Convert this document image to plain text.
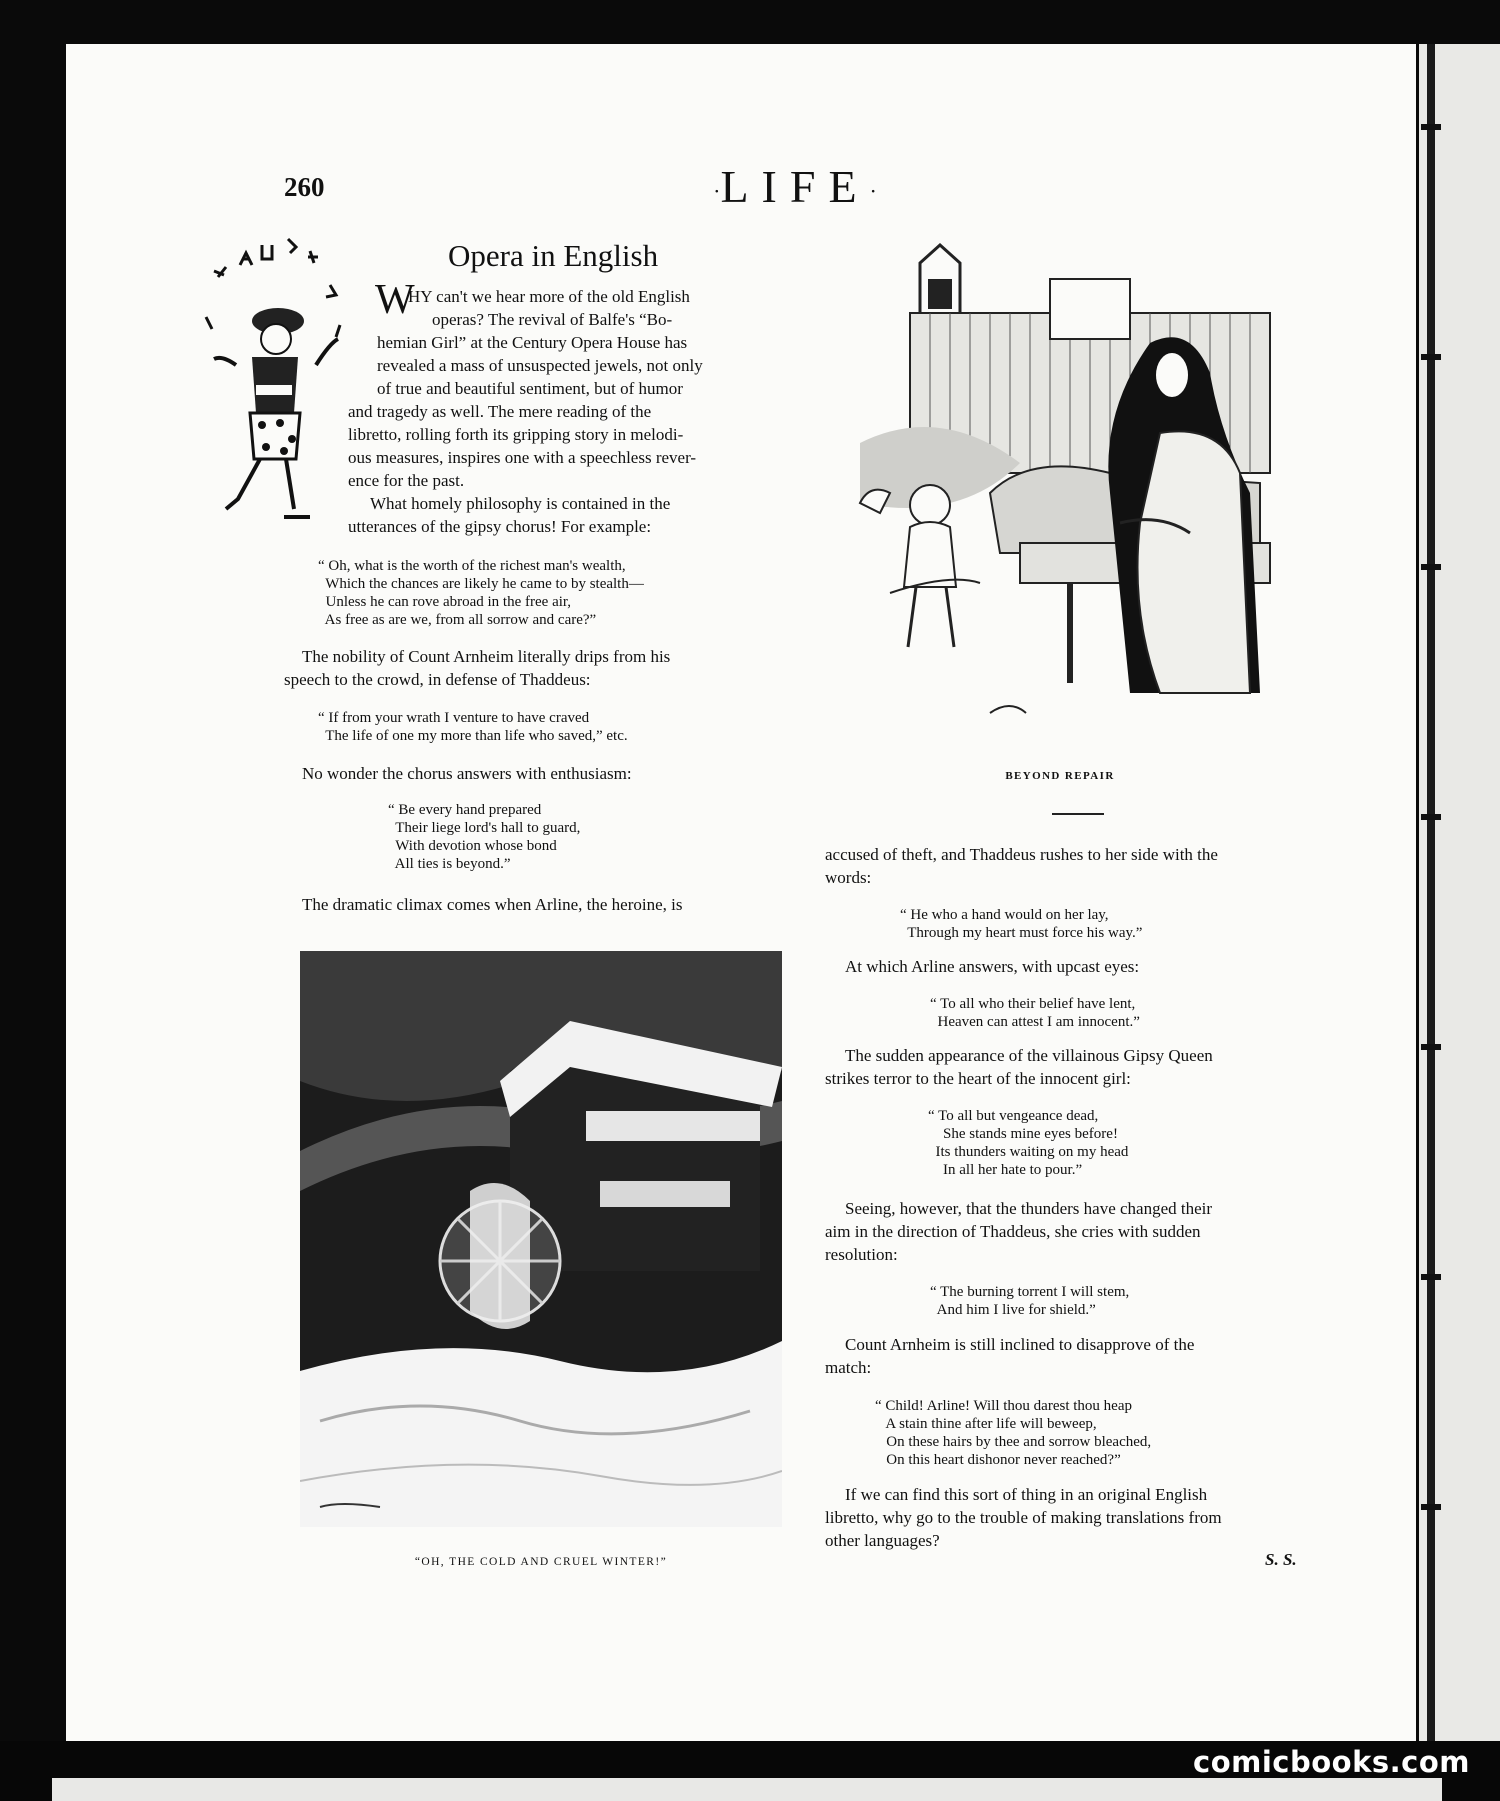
comicbooks.com
260	·LIFE·
Opera in English
W
HY can't we hear more of the old English
operas? The revival of Balfe's “Bo-
hemian Girl” at the Century Opera House has
revealed a mass of unsuspected jewels, not only
of true and beautiful sentiment, but of humor
and tragedy as well. The mere reading of the
libretto, rolling forth its gripping story in melodi-
ous measures, inspires one with a speechless rever-
ence for the past.
What homely philosophy is contained in the
utterances of the gipsy chorus! For example:
“ Oh, what is the worth of the richest man's wealth,
Which the chances are likely he came to by stealth—
Unless he can rove abroad in the free air,
As free as are we, from all sorrow and care?”
The nobility of Count Arnheim literally drips from his
speech to the crowd, in defense of Thaddeus:
“ If from your wrath I venture to have craved
The life of one my more than life who saved,” etc.
No wonder the chorus answers with enthusiasm:
“ Be every hand prepared
Their liege lord's hall to guard,
With devotion whose bond
All ties is beyond.”
The dramatic climax comes when Arline, the heroine, is
“OH, THE COLD AND CRUEL WINTER!”
BEYOND REPAIR
accused of theft, and Thaddeus rushes to her side with the
words:
“ He who a hand would on her lay,
Through my heart must force his way.”
At which Arline answers, with upcast eyes:
“ To all who their belief have lent,
Heaven can attest I am innocent.”
The sudden appearance of the villainous Gipsy Queen
strikes terror to the heart of the innocent girl:
“ To all but vengeance dead,
She stands mine eyes before!
Its thunders waiting on my head
In all her hate to pour.”
Seeing, however, that the thunders have changed their
aim in the direction of Thaddeus, she cries with sudden
resolution:
“ The burning torrent I will stem,
And him I live for shield.”
Count Arnheim is still inclined to disapprove of the
match:
“ Child! Arline! Will thou darest thou heap
A stain thine after life will beweep,
On these hairs by thee and sorrow bleached,
On this heart dishonor never reached?”
If we can find this sort of thing in an original English
libretto, why go to the trouble of making translations from
other languages?
S. S.
